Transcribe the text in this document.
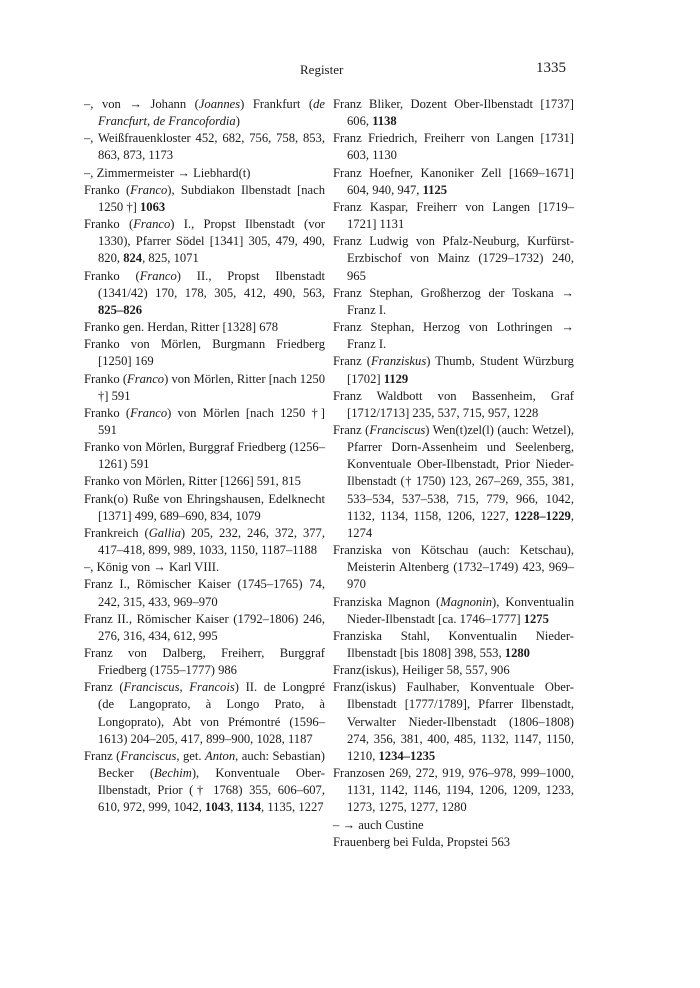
Register	1335

–, von → Johann (Joannes) Frankfurt (de Francfurt, de Francofordia)

–, Weißfrauenkloster 452, 682, 756, 758, 853, 863, 873, 1173

–, Zimmermeister → Liebhard(t)

Franko (Franco), Subdiakon Ilbenstadt [nach 1250 †] 1063

Franko (Franco) I., Propst Ilbenstadt (vor 1330), Pfarrer Södel [1341] 305, 479, 490, 820, 824, 825, 1071

Franko (Franco) II., Propst Ilbenstadt (1341/42) 170, 178, 305, 412, 490, 563, 825–826

Franko gen. Herdan, Ritter [1328] 678

Franko von Mörlen, Burgmann Friedberg [1250] 169

Franko (Franco) von Mörlen, Ritter [nach 1250 †] 591

Franko (Franco) von Mörlen [nach 1250 †] 591

Franko von Mörlen, Burggraf Friedberg (1256–1261) 591

Franko von Mörlen, Ritter [1266] 591, 815

Frank(o) Ruße von Ehringshausen, Edelknecht [1371] 499, 689–690, 834, 1079

Frankreich (Gallia) 205, 232, 246, 372, 377, 417–418, 899, 989, 1033, 1150, 1187–1188

–, König von → Karl VIII.

Franz I., Römischer Kaiser (1745–1765) 74, 242, 315, 433, 969–970

Franz II., Römischer Kaiser (1792–1806) 246, 276, 316, 434, 612, 995

Franz von Dalberg, Freiherr, Burggraf Friedberg (1755–1777) 986

Franz (Franciscus, Francois) II. de Longpré (de Langoprato, à Longo Prato, à Longoprato), Abt von Prémontré (1596–1613) 204–205, 417, 899–900, 1028, 1187

Franz (Franciscus, get. Anton, auch: Sebastian) Becker (Bechim), Konventuale Ober-Ilbenstadt, Prior († 1768) 355, 606–607, 610, 972, 999, 1042, 1043, 1134, 1135, 1227

Franz Bliker, Dozent Ober-Ilbenstadt [1737] 606, 1138

Franz Friedrich, Freiherr von Langen [1731] 603, 1130

Franz Hoefner, Kanoniker Zell [1669–1671] 604, 940, 947, 1125

Franz Kaspar, Freiherr von Langen [1719–1721] 1131

Franz Ludwig von Pfalz-Neuburg, Kurfürst-Erzbischof von Mainz (1729–1732) 240, 965

Franz Stephan, Großherzog der Toskana → Franz I.

Franz Stephan, Herzog von Lothringen → Franz I.

Franz (Franziskus) Thumb, Student Würzburg [1702] 1129

Franz Waldbott von Bassenheim, Graf [1712/1713] 235, 537, 715, 957, 1228

Franz (Franciscus) Wen(t)zel(l) (auch: Wetzel), Pfarrer Dorn-Assenheim und Seelenberg, Konventuale Ober-Ilbenstadt, Prior Nieder-Ilbenstadt († 1750) 123, 267–269, 355, 381, 533–534, 537–538, 715, 779, 966, 1042, 1132, 1134, 1158, 1206, 1227, 1228–1229, 1274

Franziska von Kötschau (auch: Ketschau), Meisterin Altenberg (1732–1749) 423, 969–970

Franziska Magnon (Magnonin), Konventualin Nieder-Ilbenstadt [ca. 1746–1777] 1275

Franziska Stahl, Konventualin Nieder-Ilbenstadt [bis 1808] 398, 553, 1280

Franz(iskus), Heiliger 58, 557, 906

Franz(iskus) Faulhaber, Konventuale Ober-Ilbenstadt [1777/1789], Pfarrer Ilbenstadt, Verwalter Nieder-Ilbenstadt (1806–1808) 274, 356, 381, 400, 485, 1132, 1147, 1150, 1210, 1234–1235

Franzosen 269, 272, 919, 976–978, 999–1000, 1131, 1142, 1146, 1194, 1206, 1209, 1233, 1273, 1275, 1277, 1280

– → auch Custine

Frauenberg bei Fulda, Propstei 563
